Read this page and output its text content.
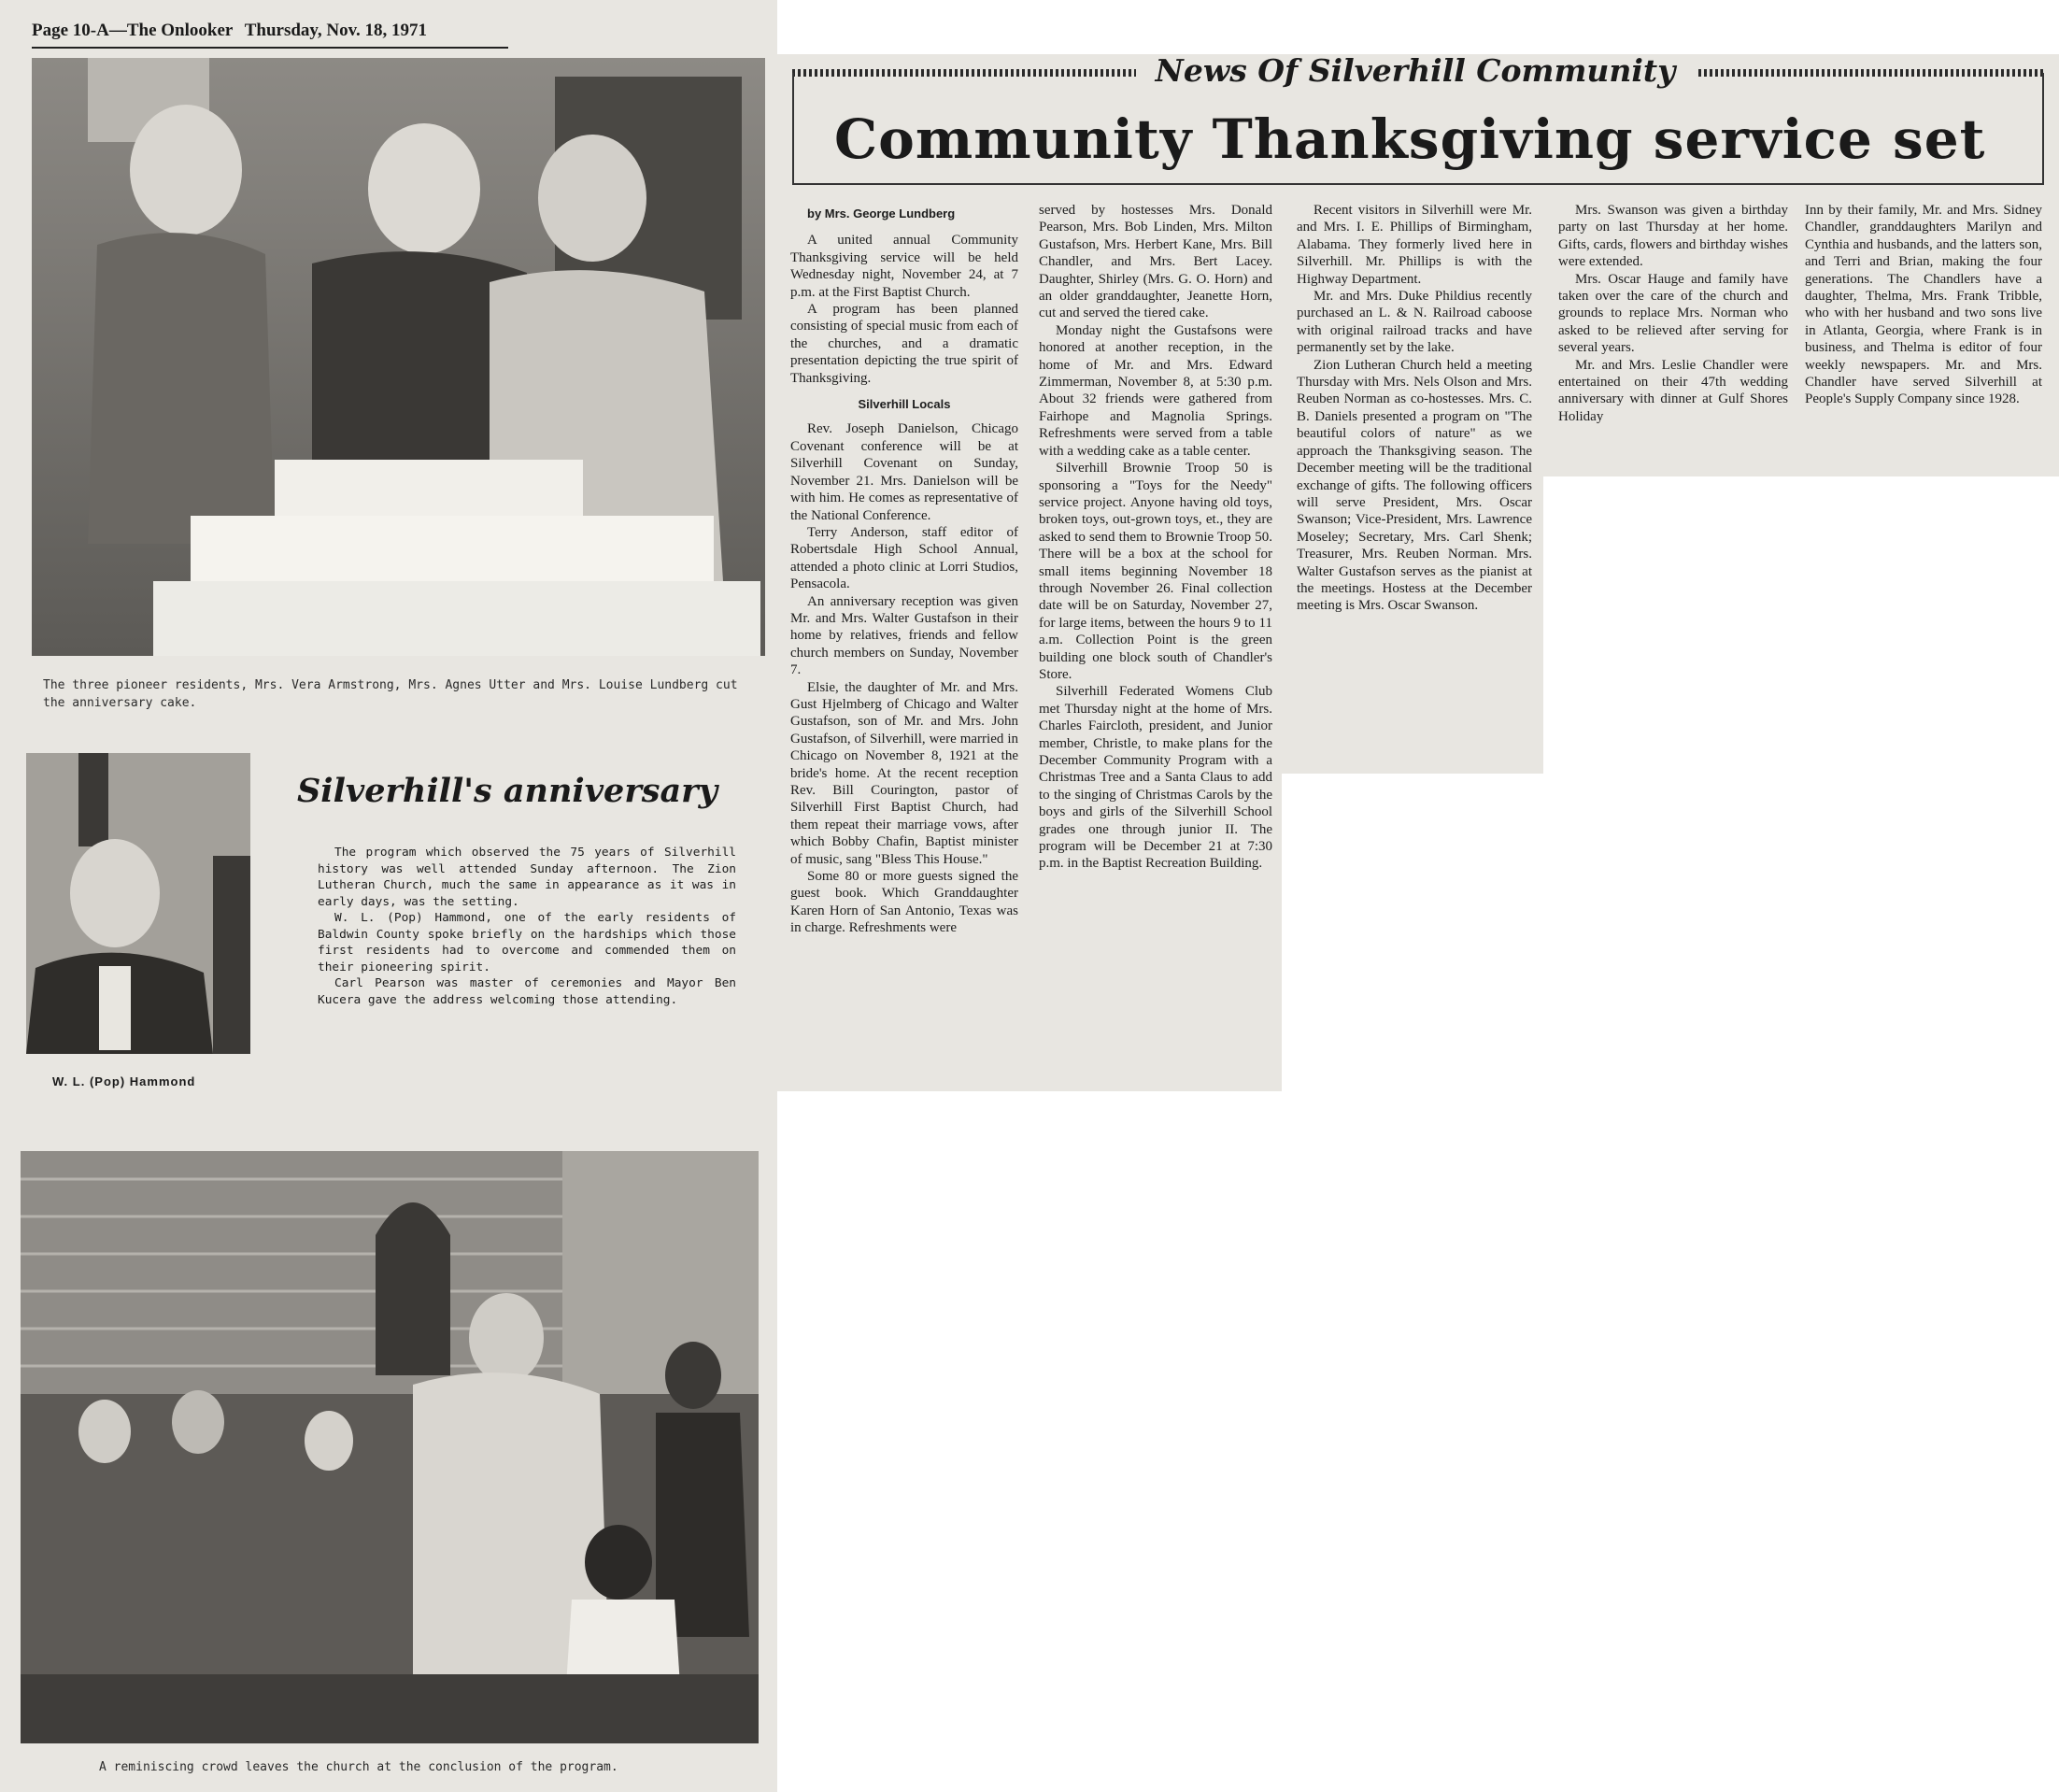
Page 10-A—The Onlooker Thursday, Nov. 18, 1971
The three pioneer residents, Mrs. Vera Armstrong, Mrs. Agnes Utter and Mrs. Louise Lundberg cut the anniversary cake.
W. L. (Pop) Hammond
Silverhill's anniversary

The program which observed the 75 years of Silverhill history was well attended Sunday afternoon. The Zion Lutheran Church, much the same in appearance as it was in early days, was the setting.

W. L. (Pop) Hammond, one of the early residents of Baldwin County spoke briefly on the hardships which those first residents had to overcome and commended them on their pioneering spirit.

Carl Pearson was master of ceremonies and Mayor Ben Kucera gave the address welcoming those attending.

A reminiscing crowd leaves the church at the conclusion of the program.
News Of Silverhill Community
Community Thanksgiving service set
by Mrs. George Lundberg

A united annual Community Thanksgiving service will be held Wednesday night, November 24, at 7 p.m. at the First Baptist Church.

A program has been planned consisting of special music from each of the churches, and a dramatic presentation depicting the true spirit of Thanksgiving.

Silverhill Locals

Rev. Joseph Danielson, Chicago Covenant conference will be at Silverhill Covenant on Sunday, November 21. Mrs. Danielson will be with him. He comes as representative of the National Conference.

Terry Anderson, staff editor of Robertsdale High School Annual, attended a photo clinic at Lorri Studios, Pensacola.

An anniversary reception was given Mr. and Mrs. Walter Gustafson in their home by relatives, friends and fellow church members on Sunday, November 7.

Elsie, the daughter of Mr. and Mrs. Gust Hjelmberg of Chicago and Walter Gustafson, son of Mr. and Mrs. John Gustafson, of Silverhill, were married in Chicago on November 8, 1921 at the bride's home. At the recent reception Rev. Bill Courington, pastor of Silverhill First Baptist Church, had them repeat their marriage vows, after which Bobby Chafin, Baptist minister of music, sang "Bless This House."

Some 80 or more guests signed the guest book. Which Granddaughter Karen Horn of San Antonio, Texas was in charge. Refreshments were

served by hostesses Mrs. Donald Pearson, Mrs. Bob Linden, Mrs. Milton Gustafson, Mrs. Herbert Kane, Mrs. Bill Chandler, and Mrs. Bert Lacey. Daughter, Shirley (Mrs. G. O. Horn) and an older granddaughter, Jeanette Horn, cut and served the tiered cake.

Monday night the Gustafsons were honored at another reception, in the home of Mr. and Mrs. Edward Zimmerman, November 8, at 5:30 p.m. About 32 friends were gathered from Fairhope and Magnolia Springs. Refreshments were served from a table with a wedding cake as a table center.

Silverhill Brownie Troop 50 is sponsoring a "Toys for the Needy" service project. Anyone having old toys, broken toys, out-grown toys, et., they are asked to send them to Brownie Troop 50. There will be a box at the school for small items beginning November 18 through November 26. Final collection date will be on Saturday, November 27, for large items, between the hours 9 to 11 a.m. Collection Point is the green building one block south of Chandler's Store.

Silverhill Federated Womens Club met Thursday night at the home of Mrs. Charles Faircloth, president, and Junior member, Christle, to make plans for the December Community Program with a Christmas Tree and a Santa Claus to add to the singing of Christmas Carols by the boys and girls of the Silverhill School grades one through junior II. The program will be December 21 at 7:30 p.m. in the Baptist Recreation Building.

Recent visitors in Silverhill were Mr. and Mrs. I. E. Phillips of Birmingham, Alabama. They formerly lived here in Silverhill. Mr. Phillips is with the Highway Department.

Mr. and Mrs. Duke Phildius recently purchased an L. & N. Railroad caboose with original railroad tracks and have permanently set by the lake.

Zion Lutheran Church held a meeting Thursday with Mrs. Nels Olson and Mrs. Reuben Norman as co-hostesses. Mrs. C. B. Daniels presented a program on "The beautiful colors of nature" as we approach the Thanksgiving season. The December meeting will be the traditional exchange of gifts. The following officers will serve President, Mrs. Oscar Swanson; Vice-President, Mrs. Lawrence Moseley; Secretary, Mrs. Carl Shenk; Treasurer, Mrs. Reuben Norman. Mrs. Walter Gustafson serves as the pianist at the meetings. Hostess at the December meeting is Mrs. Oscar Swanson.

Mrs. Swanson was given a birthday party on last Thursday at her home. Gifts, cards, flowers and birthday wishes were extended.

Mrs. Oscar Hauge and family have taken over the care of the church and grounds to replace Mrs. Norman who asked to be relieved after serving for several years.

Mr. and Mrs. Leslie Chandler were entertained on their 47th wedding anniversary with dinner at Gulf Shores Holiday

Inn by their family, Mr. and Mrs. Sidney Chandler, granddaughters Marilyn and Cynthia and husbands, and the latters son, and Terri and Brian, making the four generations. The Chandlers have a daughter, Thelma, Mrs. Frank Tribble, who with her husband and two sons live in Atlanta, Georgia, where Frank is in business, and Thelma is editor of four weekly newspapers. Mr. and Mrs. Chandler have served Silverhill at People's Supply Company since 1928.
